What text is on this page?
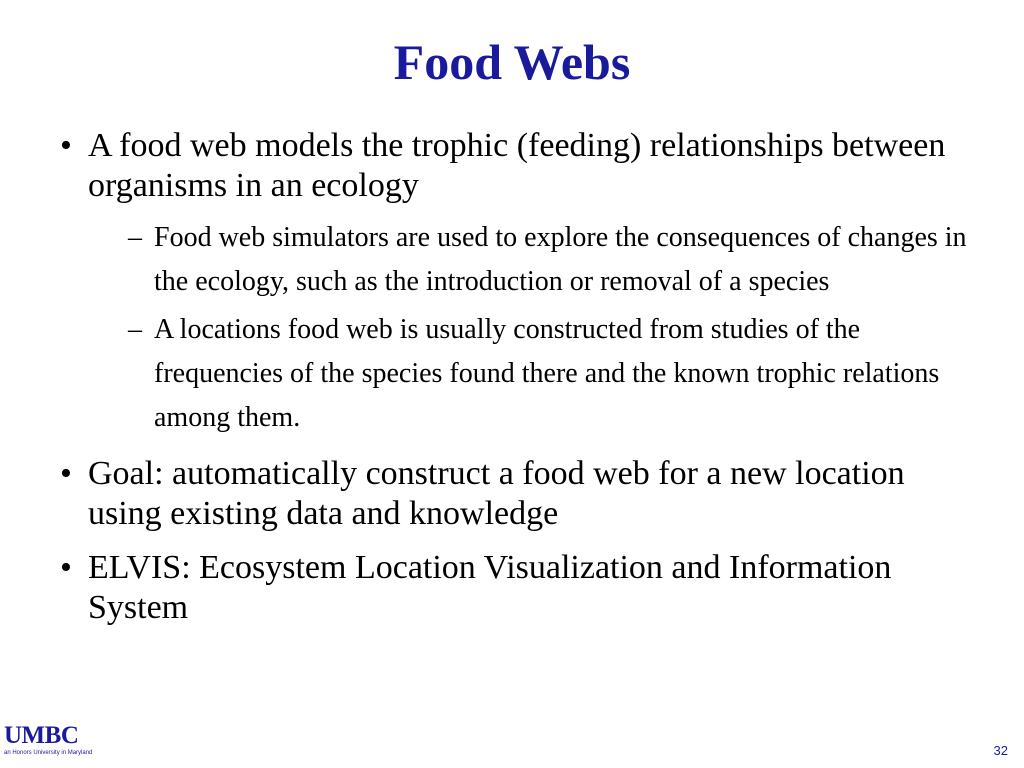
Food Webs
• A food web models the trophic (feeding) relationships between organisms in an ecology
– Food web simulators are used to explore the consequences of changes in the ecology, such as the introduction or removal of a species
– A locations food web is usually constructed from studies of the frequencies of the species found there and the known trophic relations among them.
• Goal: automatically construct a food web for a new location using existing data and knowledge
• ELVIS: Ecosystem Location Visualization and Information System
UMBC
an Honors University in Maryland	32
